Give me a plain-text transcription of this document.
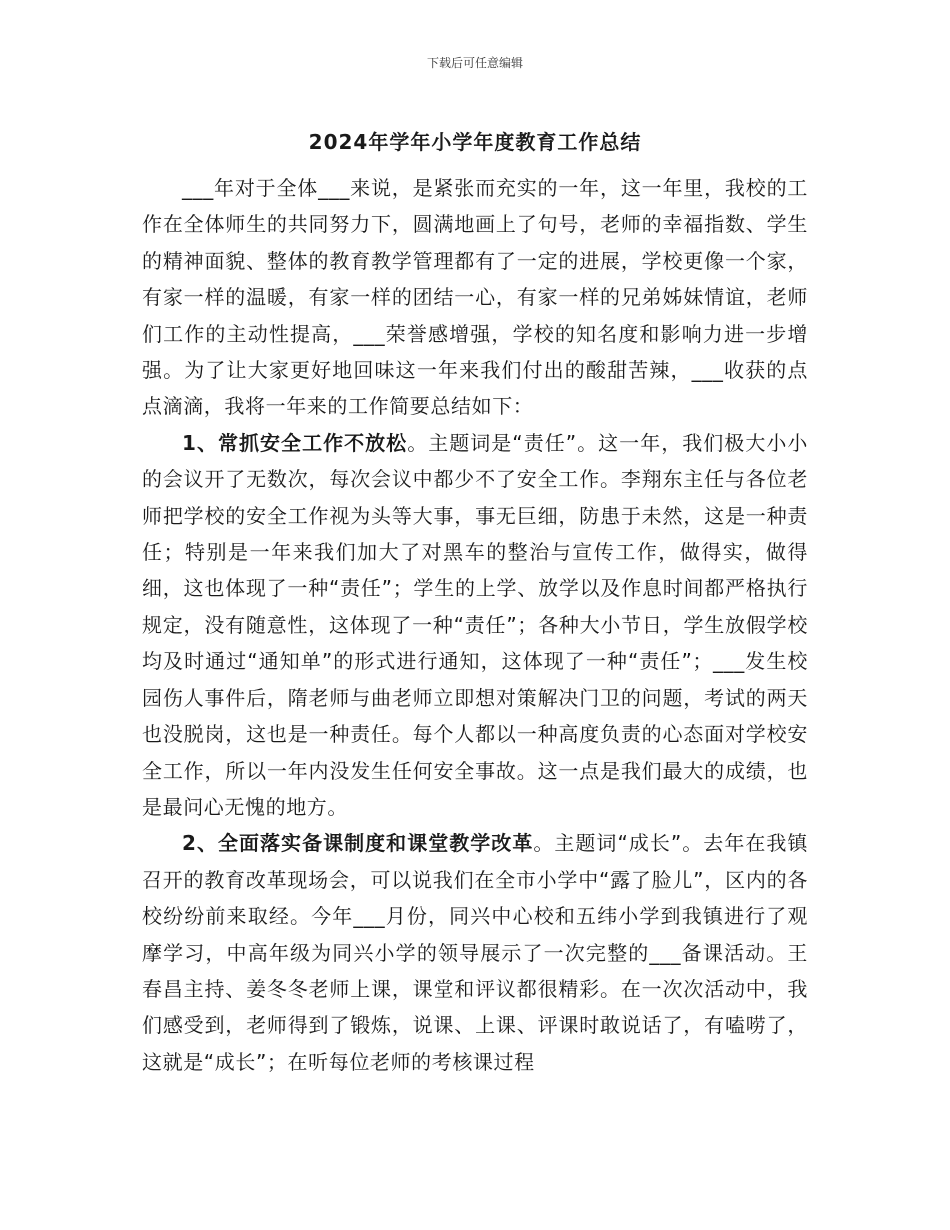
下载后可任意编辑
2024年学年小学年度教育工作总结

___年对于全体___来说，是紧张而充实的一年，这一年里，我校的工作在全体师生的共同努力下，圆满地画上了句号，老师的幸福指数、学生的精神面貌、整体的教育教学管理都有了一定的进展，学校更像一个家，有家一样的温暖，有家一样的团结一心，有家一样的兄弟姊妹情谊，老师们工作的主动性提高，___荣誉感增强，学校的知名度和影响力进一步增强。为了让大家更好地回味这一年来我们付出的酸甜苦辣，___收获的点点滴滴，我将一年来的工作简要总结如下：

1、常抓安全工作不放松。主题词是“责任”。这一年，我们极大小小的会议开了无数次，每次会议中都少不了安全工作。李翔东主任与各位老师把学校的安全工作视为头等大事，事无巨细，防患于未然，这是一种责任；特别是一年来我们加大了对黑车的整治与宣传工作，做得实，做得细，这也体现了一种“责任”；学生的上学、放学以及作息时间都严格执行规定，没有随意性，这体现了一种“责任”；各种大小节日，学生放假学校均及时通过“通知单”的形式进行通知，这体现了一种“责任”；___发生校园伤人事件后，隋老师与曲老师立即想对策解决门卫的问题，考试的两天也没脱岗，这也是一种责任。每个人都以一种高度负责的心态面对学校安全工作，所以一年内没发生任何安全事故。这一点是我们最大的成绩，也是最问心无愧的地方。

2、全面落实备课制度和课堂教学改革。主题词“成长”。去年在我镇召开的教育改革现场会，可以说我们在全市小学中“露了脸儿”，区内的各校纷纷前来取经。今年___月份，同兴中心校和五纬小学到我镇进行了观摩学习，中高年级为同兴小学的领导展示了一次完整的___备课活动。王春昌主持、姜冬冬老师上课，课堂和评议都很精彩。在一次次活动中，我们感受到，老师得到了锻炼，说课、上课、评课时敢说话了，有嗑唠了，这就是“成长”；在听每位老师的考核课过程
